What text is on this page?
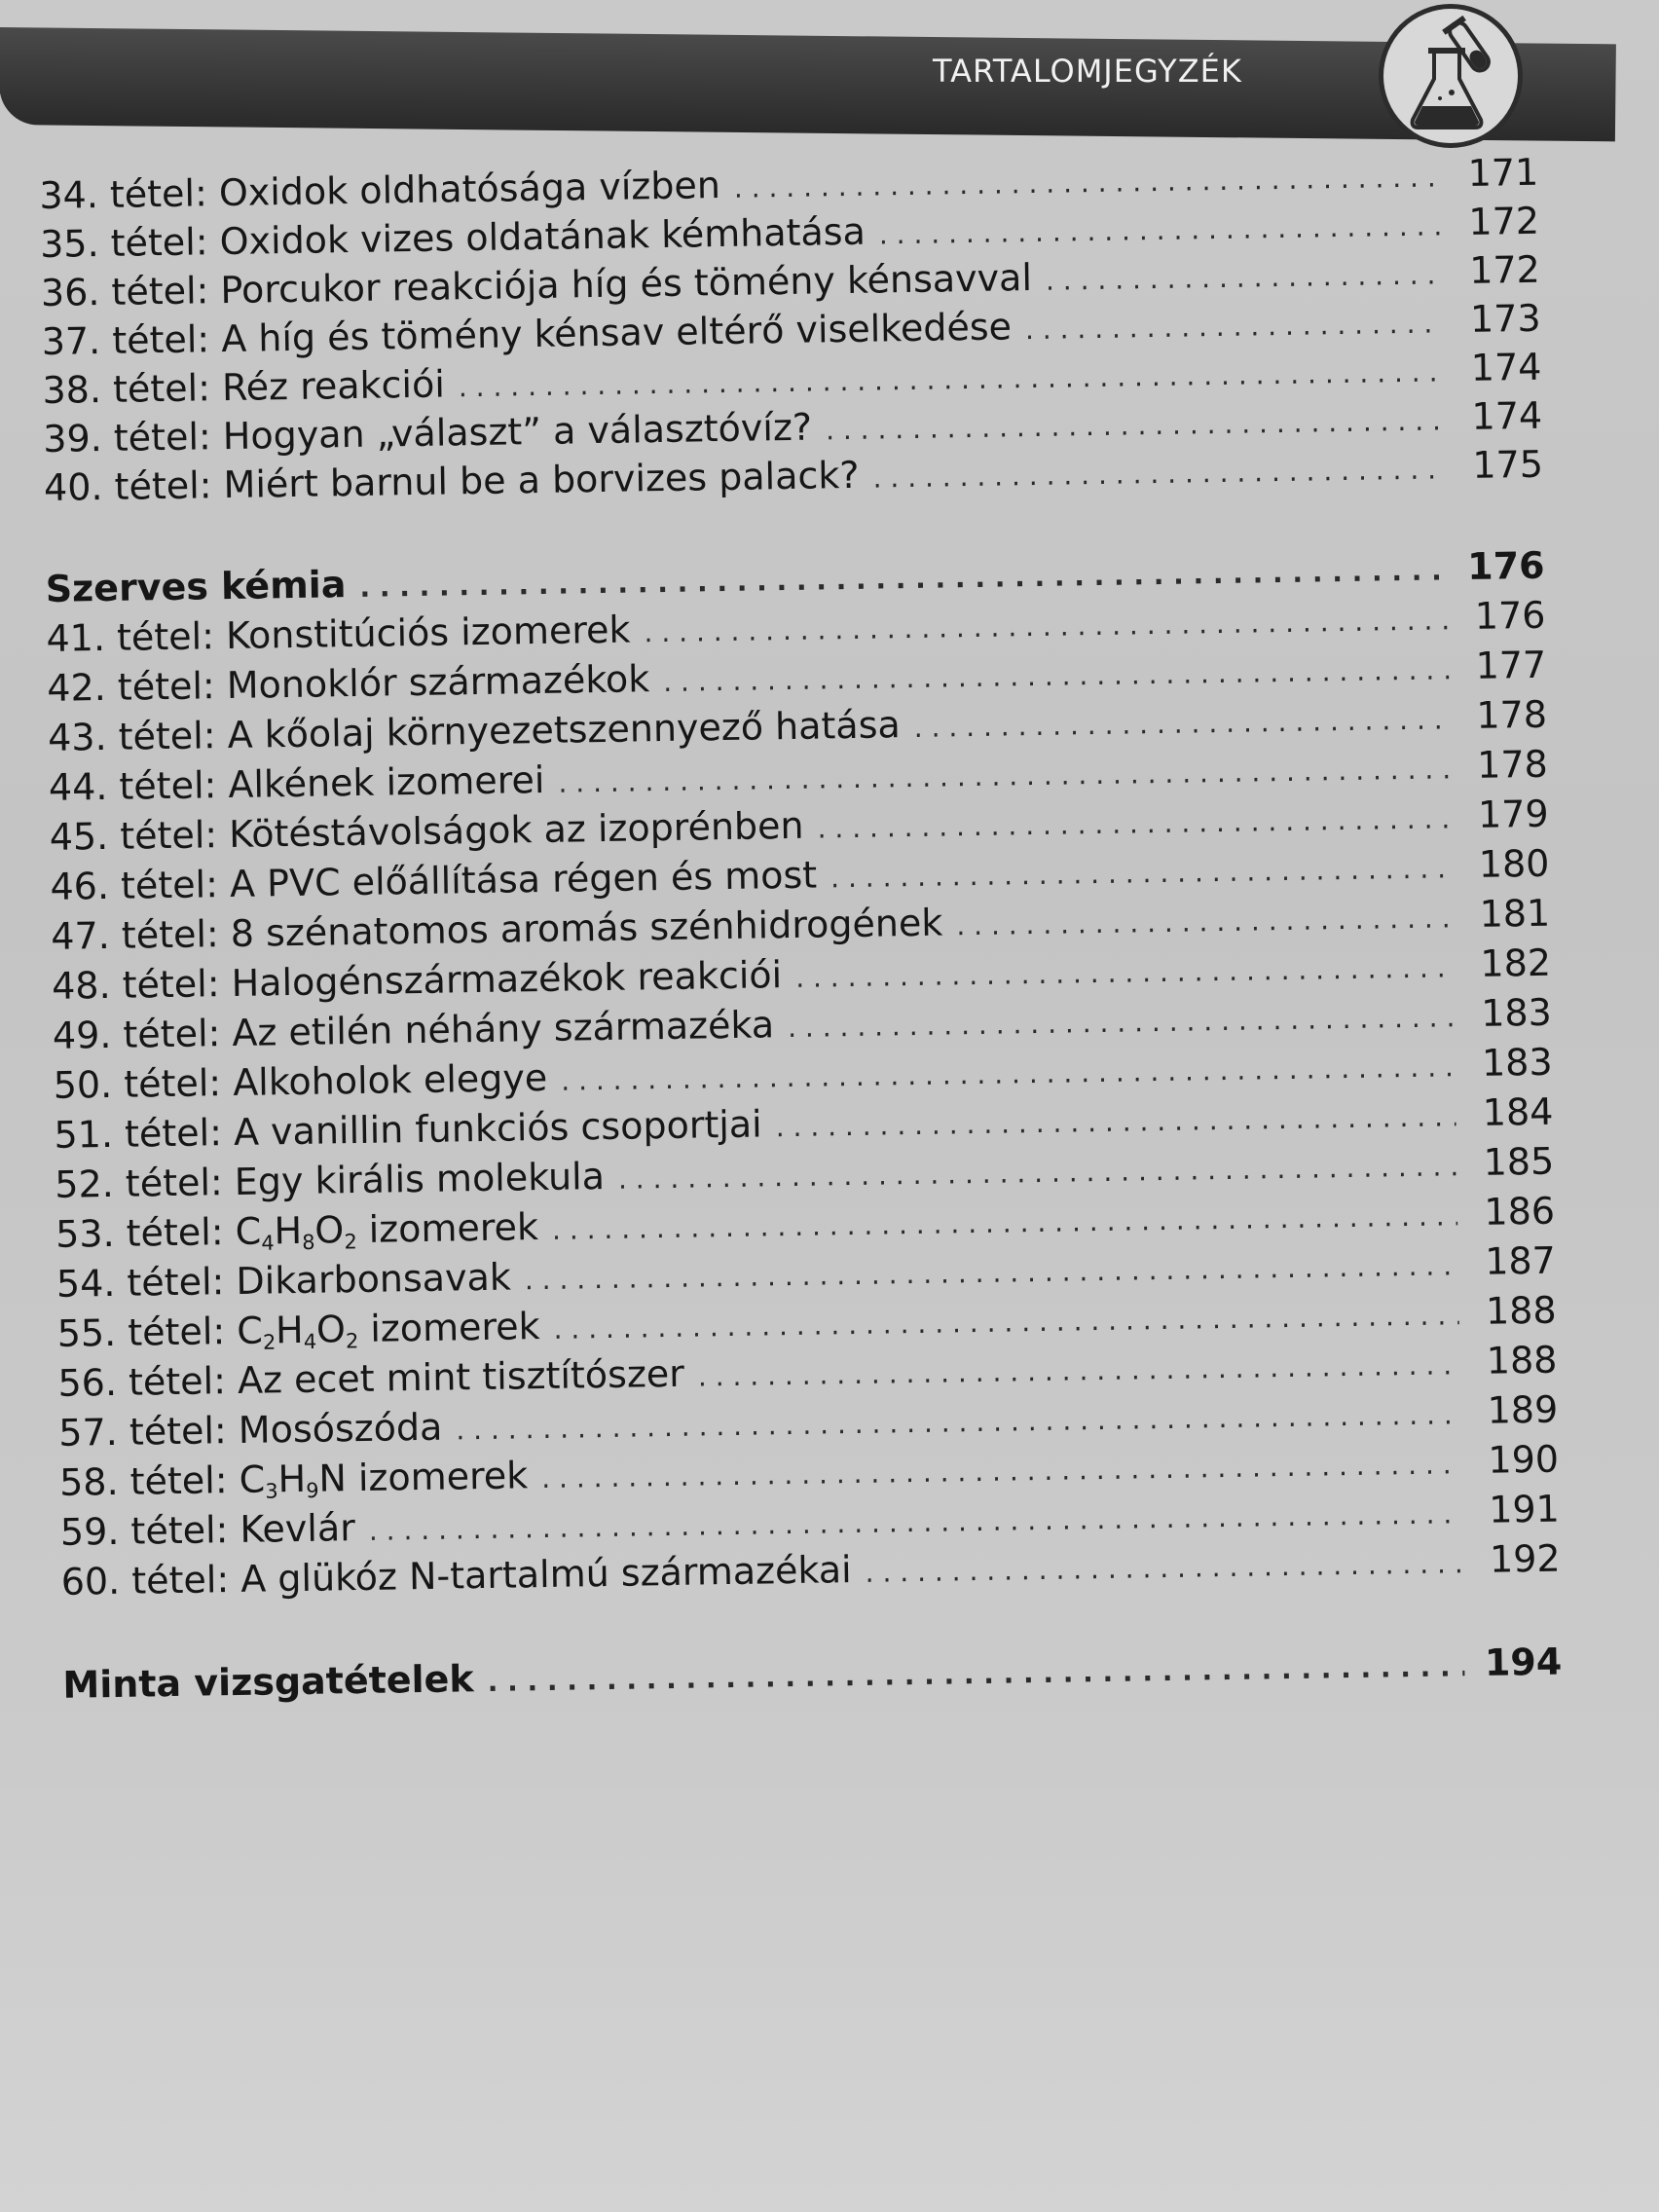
TARTALOMJEGYZÉK
34. tétel: Oxidok oldhatósága vízben . . .	171
35. tétel: Oxidok vizes oldatának kémhatása . . .	172
36. tétel: Porcukor reakciója híg és tömény kénsavval . . .	172
37. tétel: A híg és tömény kénsav eltérő viselkedése . . .	173
38. tétel: Réz reakciói . . .	174
39. tétel: Hogyan „választ” a választóvíz? . . .	174
40. tétel: Miért barnul be a borvizes palack? . . .	175
Szerves kémia . . .	176
41. tétel: Konstitúciós izomerek . . .	176
42. tétel: Monoklór származékok . . .	177
43. tétel: A kőolaj környezetszennyező hatása . . .	178
44. tétel: Alkének izomerei . . .	178
45. tétel: Kötéstávolságok az izoprénben . . .	179
46. tétel: A PVC előállítása régen és most . . .	180
47. tétel: 8 szénatomos aromás szénhidrogének . . .	181
48. tétel: Halogénszármazékok reakciói . . .	182
49. tétel: Az etilén néhány származéka . . .	183
50. tétel: Alkoholok elegye . . .	183
51. tétel: A vanillin funkciós csoportjai . . .	184
52. tétel: Egy királis molekula . . .	185
53. tétel: $C_4H_8O_2$ izomerek . . .	186
54. tétel: Dikarbonsavak . . .	187
55. tétel: $C_2H_4O_2$ izomerek . . .	188
56. tétel: Az ecet mint tisztítószer . . .	188
57. tétel: Mosószóda . . .	189
58. tétel: $C_3H_9N$ izomerek . . .	190
59. tétel: Kevlár . . .	191
60. tétel: A glükóz N-tartalmú származékai . . .	192
Minta vizsgatételek . . .	194
